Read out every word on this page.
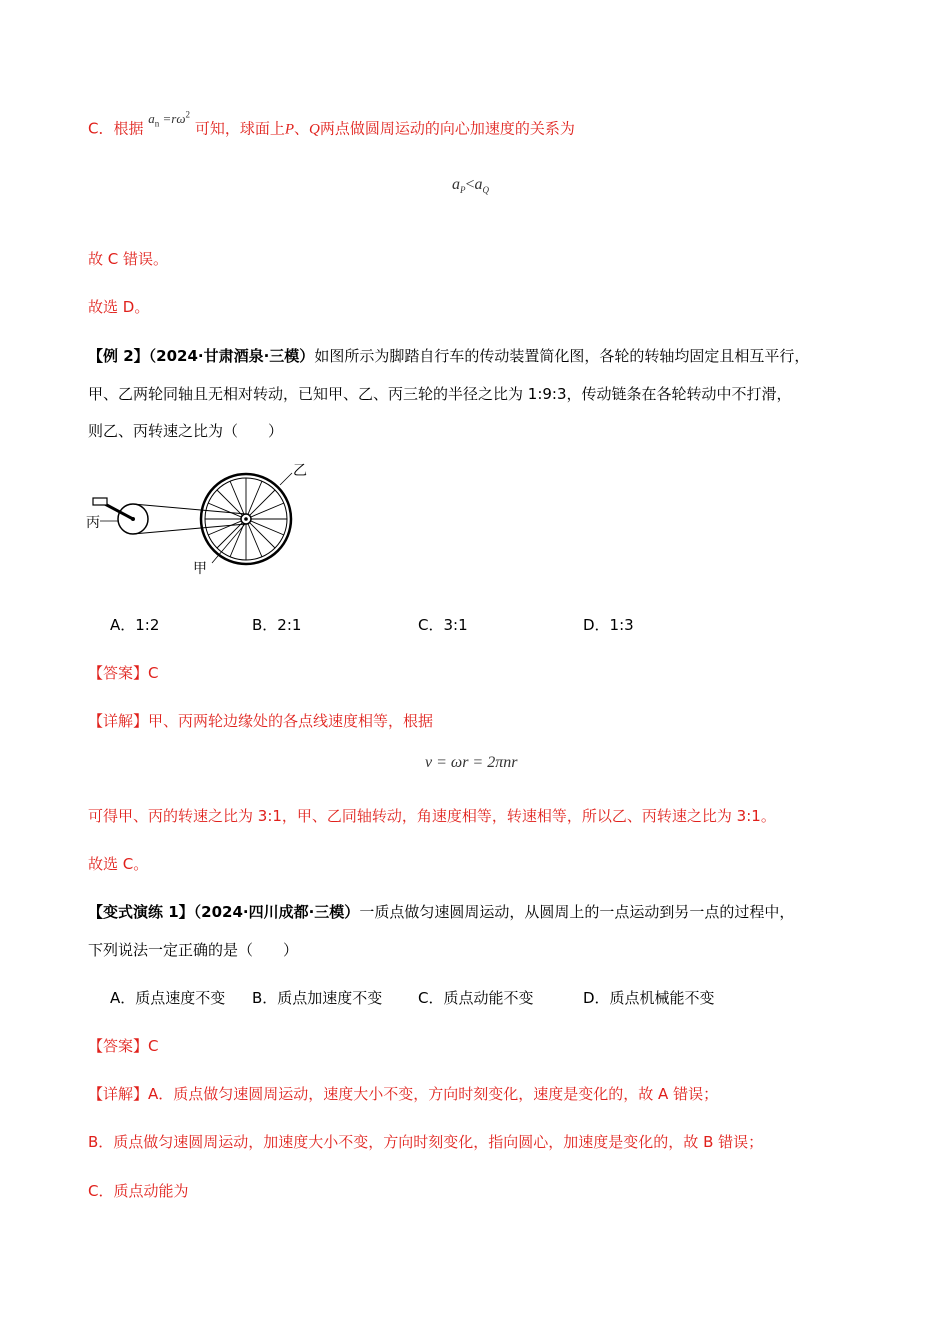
C．根据 $a_n =r\omega^2$ 可知，球面上P、Q两点做圆周运动的向心加速度的关系为
$a_P<a_Q$
故 C 错误。
故选 D。
【例 2】（2024·甘肃酒泉·三模）如图所示为脚踏自行车的传动装置简化图，各轮的转轴均固定且相互平行，
甲、乙两轮同轴且无相对转动，已知甲、乙、丙三轮的半径之比为 1:9:3，传动链条在各轮转动中不打滑，
则乙、丙转速之比为（　　）
乙
丙
甲
A．1:2	B．2:1	C．3:1	D．1:3
【答案】C
【详解】甲、丙两轮边缘处的各点线速度相等，根据
v = ωr = 2πnr
可得甲、丙的转速之比为 3:1，甲、乙同轴转动，角速度相等，转速相等，所以乙、丙转速之比为 3:1。
故选 C。
【变式演练 1】（2024·四川成都·三模）一质点做匀速圆周运动，从圆周上的一点运动到另一点的过程中，
下列说法一定正确的是（　　）
A．质点速度不变 B．质点加速度不变 C．质点动能不变	D．质点机械能不变
【答案】C
【详解】A．质点做匀速圆周运动，速度大小不变，方向时刻变化，速度是变化的，故 A 错误；
B．质点做匀速圆周运动，加速度大小不变，方向时刻变化，指向圆心，加速度是变化的，故 B 错误；
C．质点动能为
